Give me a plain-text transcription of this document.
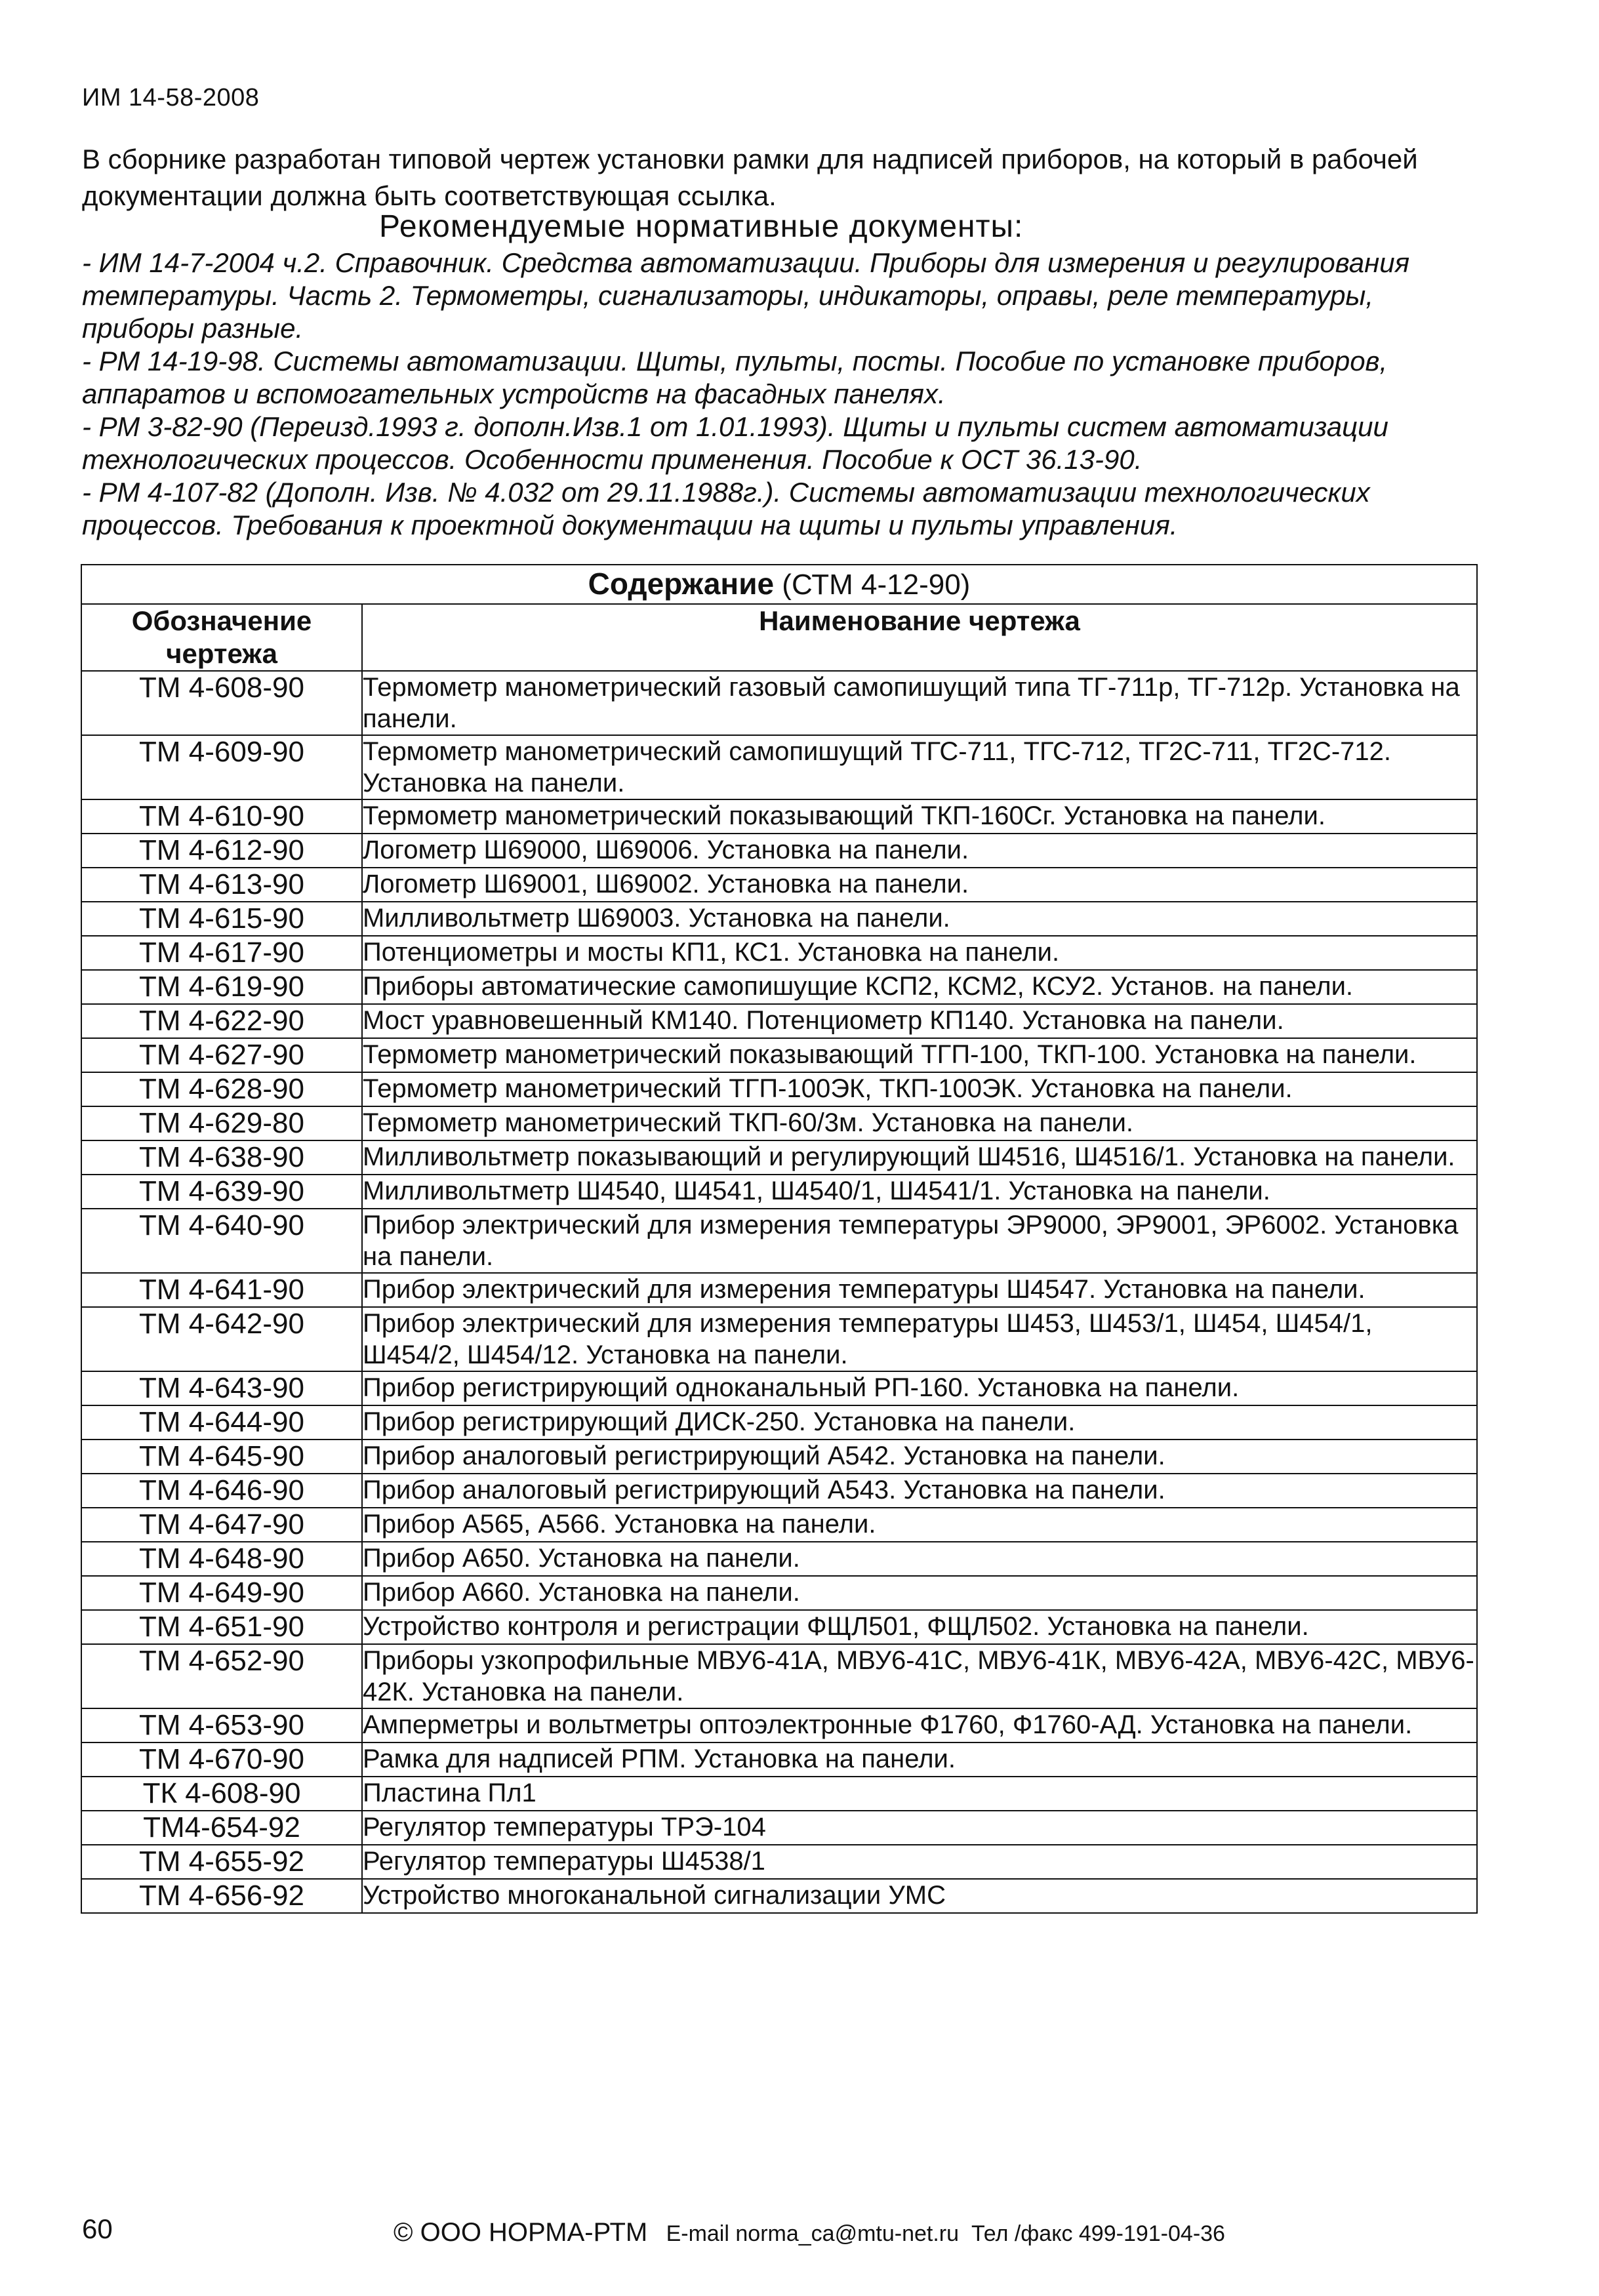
ИМ 14-58-2008
В сборнике разработан типовой чертеж установки рамки для надписей приборов, на который в рабочей документации должна быть соответствующая ссылка.
Рекомендуемые нормативные документы:

- ИМ 14-7-2004 ч.2. Справочник. Средства автоматизации. Приборы для измерения и регулирования температуры. Часть 2. Термометры, сигнализаторы, индикаторы, оправы, реле температуры, приборы разные.

- РМ 14-19-98. Системы автоматизации. Щиты, пульты, посты. Пособие по установке приборов, аппаратов и вспомогательных устройств на фасадных панелях.

- РМ 3-82-90 (Переизд.1993 г. дополн.Изв.1 от 1.01.1993). Щиты и пульты систем автоматизации технологических процессов. Особенности применения. Пособие к ОСТ 36.13-90.

- РМ 4-107-82 (Дополн. Изв. № 4.032 от 29.11.1988г.). Системы автоматизации технологических процессов. Требования к проектной документации на щиты и пульты управления.

Содержание (СТМ 4-12-90)	
Обозначение чертежа	Наименование чертежа
ТМ 4-608-90	Термометр манометрический газовый самопишущий типа ТГ-711р, ТГ-712р. Установка на панели.
ТМ 4-609-90	Термометр манометрический самопишущий ТГС-711, ТГС-712, ТГ2С-711, ТГ2С-712. Установка на панели.
ТМ 4-610-90	Термометр манометрический показывающий ТКП-160Сг. Установка на панели.
ТМ 4-612-90	Логометр Ш69000, Ш69006. Установка на панели.
ТМ 4-613-90	Логометр Ш69001, Ш69002. Установка на панели.
ТМ 4-615-90	Милливольтметр Ш69003. Установка на панели.
ТМ 4-617-90	Потенциометры и мосты КП1, КС1. Установка на панели.
ТМ 4-619-90	Приборы автоматические самопишущие КСП2, КСМ2, КСУ2. Установ. на панели.
ТМ 4-622-90	Мост уравновешенный КМ140. Потенциометр КП140. Установка на панели.
ТМ 4-627-90	Термометр манометрический показывающий ТГП-100, ТКП-100. Установка на панели.
ТМ 4-628-90	Термометр манометрический ТГП-100ЭК, ТКП-100ЭК. Установка на панели.
ТМ 4-629-80	Термометр манометрический ТКП-60/3м. Установка на панели.
ТМ 4-638-90	Милливольтметр показывающий и регулирующий Ш4516, Ш4516/1. Установка на панели.
ТМ 4-639-90	Милливольтметр Ш4540, Ш4541, Ш4540/1, Ш4541/1. Установка на панели.
ТМ 4-640-90	Прибор электрический для измерения температуры ЭР9000, ЭР9001, ЭР6002. Установка на панели.
ТМ 4-641-90	Прибор электрический для измерения температуры Ш4547. Установка на панели.
ТМ 4-642-90	Прибор электрический для измерения температуры Ш453, Ш453/1, Ш454, Ш454/1, Ш454/2, Ш454/12. Установка на панели.
ТМ 4-643-90	Прибор регистрирующий одноканальный РП-160. Установка на панели.
ТМ 4-644-90	Прибор регистрирующий ДИСК-250. Установка на панели.
ТМ 4-645-90	Прибор аналоговый регистрирующий А542. Установка на панели.
ТМ 4-646-90	Прибор аналоговый регистрирующий А543. Установка на панели.
ТМ 4-647-90	Прибор А565, А566. Установка на панели.
ТМ 4-648-90	Прибор А650. Установка на панели.
ТМ 4-649-90	Прибор А660. Установка на панели.
ТМ 4-651-90	Устройство контроля и регистрации ФЩЛ501, ФЩЛ502. Установка на панели.
ТМ 4-652-90	Приборы узкопрофильные МВУ6-41А, МВУ6-41С, МВУ6-41К, МВУ6-42А, МВУ6-42С, МВУ6-42К. Установка на панели.
ТМ 4-653-90	Амперметры и вольтметры оптоэлектронные Ф1760, Ф1760-АД. Установка на панели.
ТМ 4-670-90	Рамка для надписей РПМ. Установка на панели.
ТК 4-608-90	Пластина Пл1
ТМ4-654-92	Регулятор температуры ТРЭ-104
ТМ 4-655-92	Регулятор температуры Ш4538/1
ТМ 4-656-92	Устройство многоканальной сигнализации УМС
60	© ООО НОРМА-РТМ E-mail norma_ca@mtu-net.ru Тел /факс 499-191-04-36
